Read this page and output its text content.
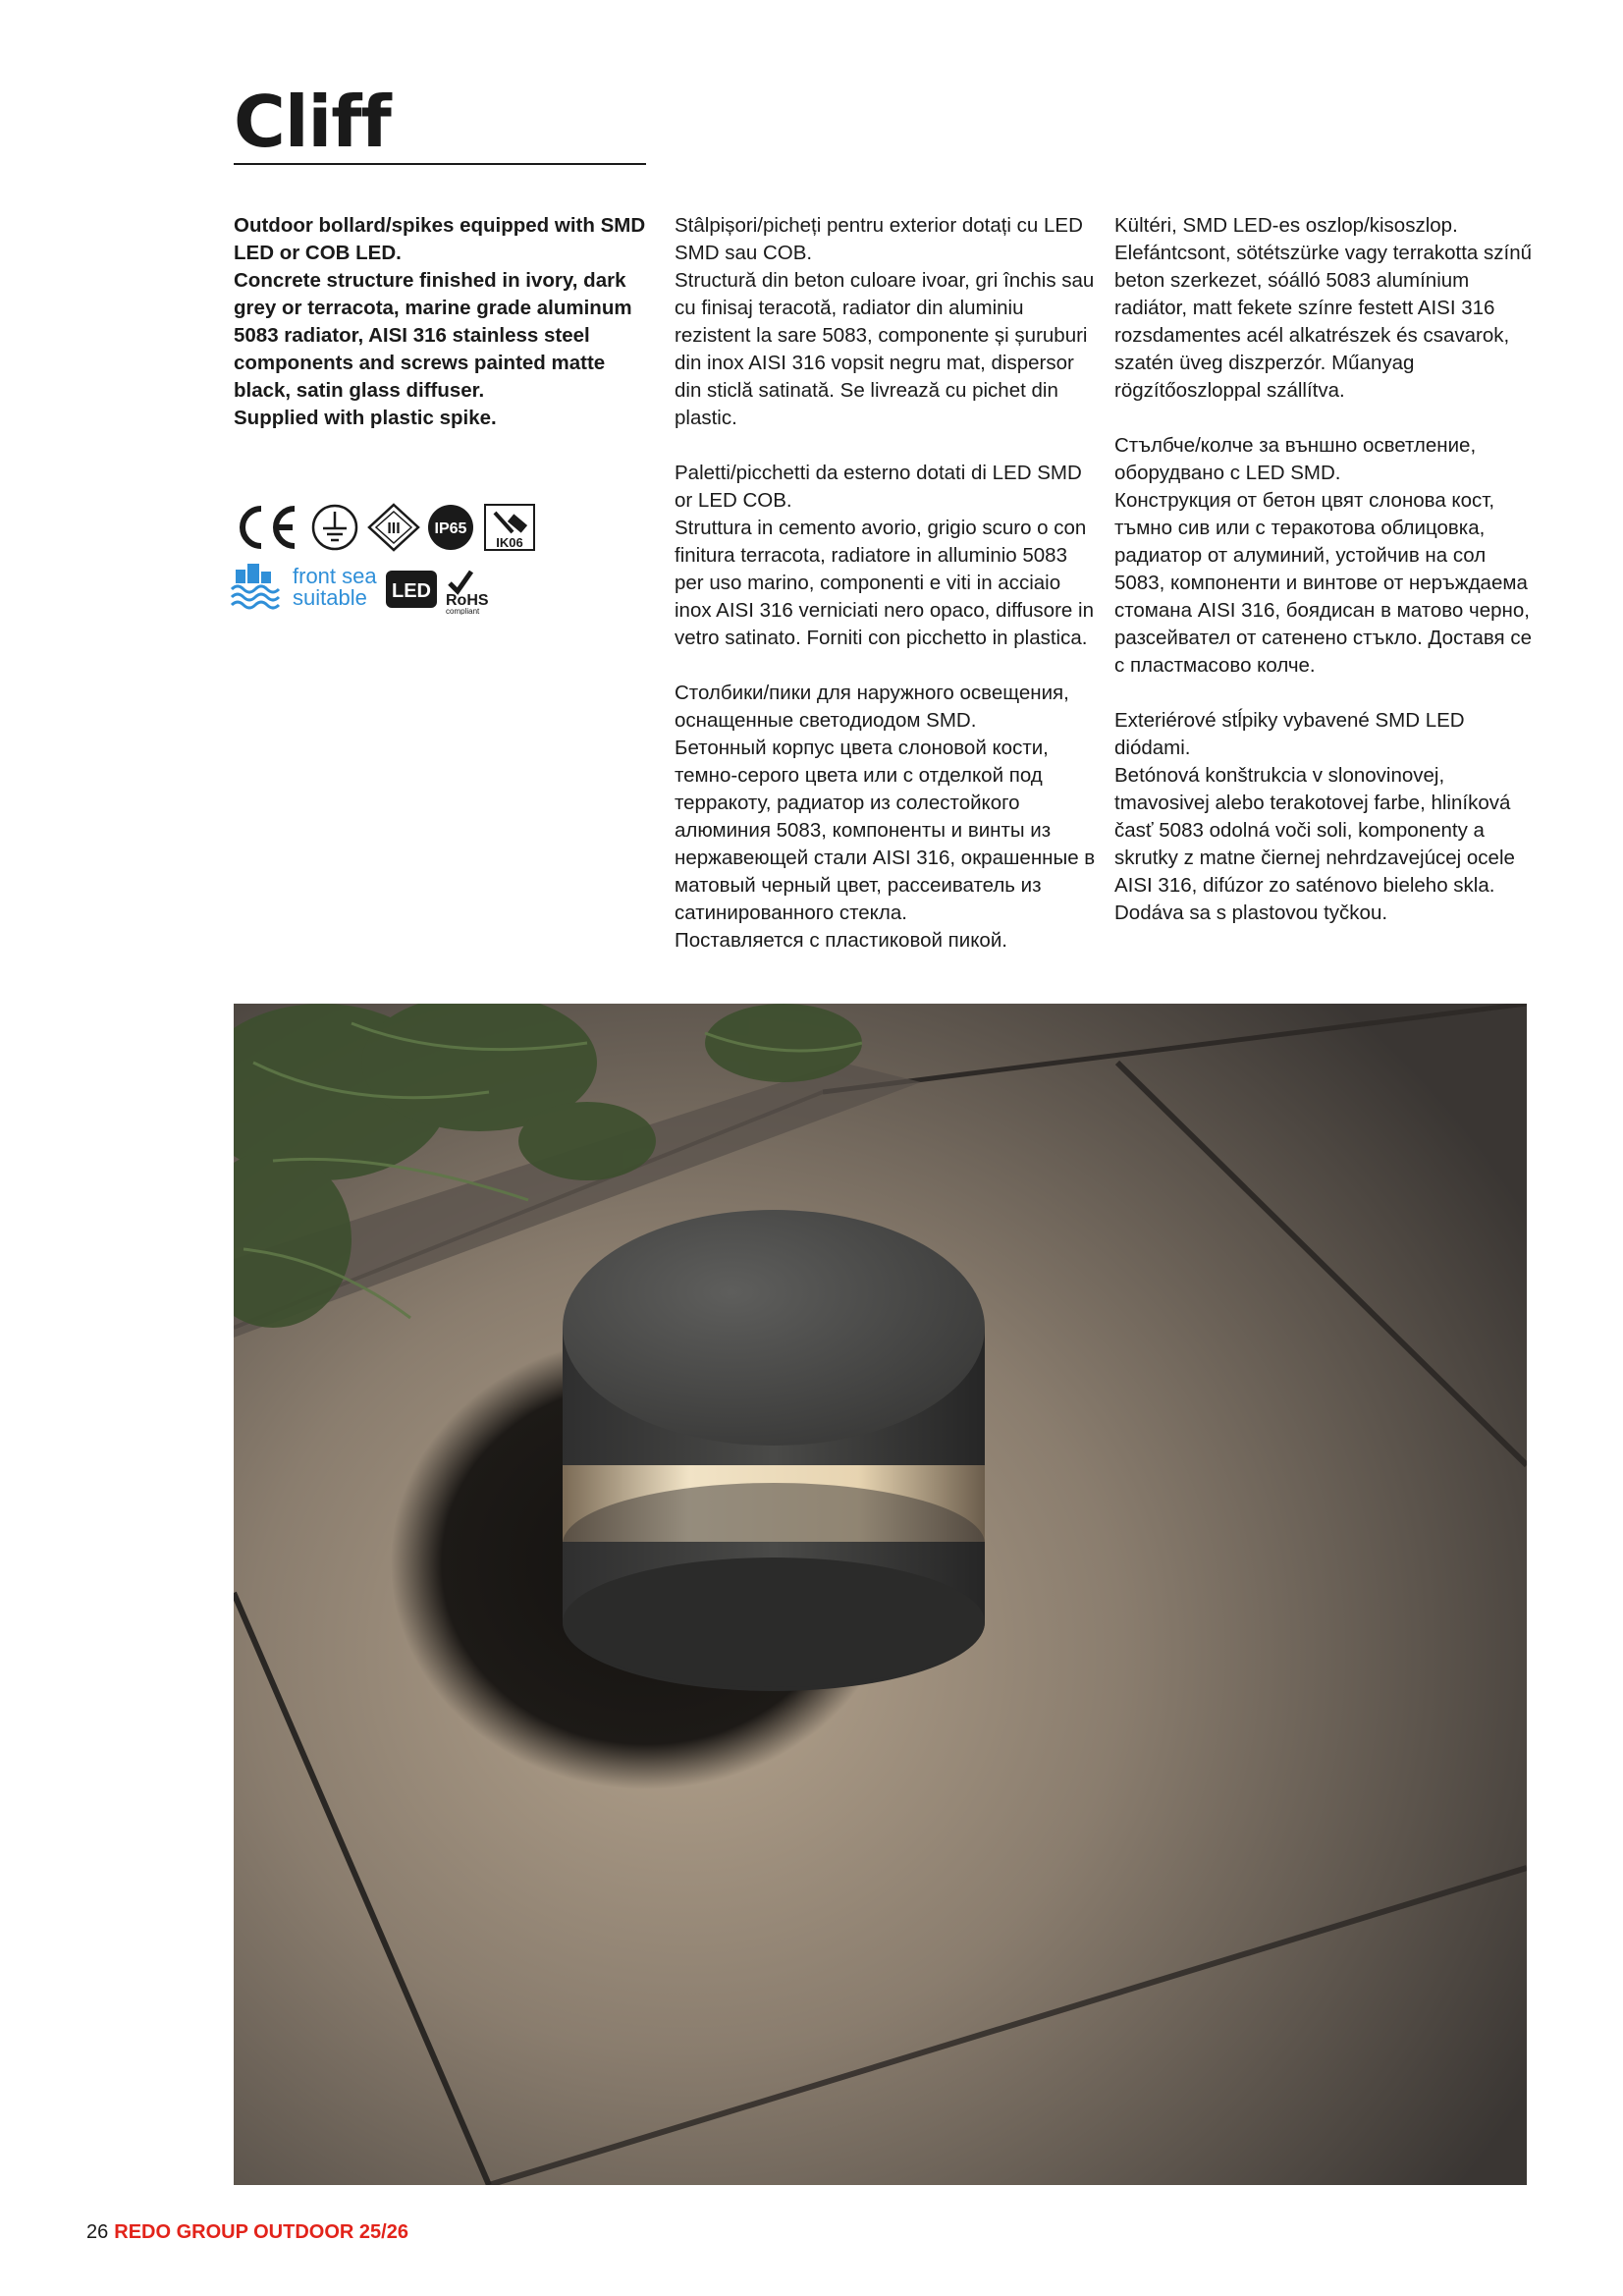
Cliff

Outdoor bollard/spikes equipped with SMD LED or COB LED.
Concrete structure finished in ivory, dark grey or terracota, marine grade aluminum 5083 radiator, AISI 316 stainless steel components and screws painted matte black, satin glass diffuser.
Supplied with plastic spike.

Stâlpișori/picheți pentru exterior dotați cu LED SMD sau COB.
Structură din beton culoare ivoar, gri închis sau cu finisaj teracotă, radiator din aluminiu rezistent la sare 5083, componente și șuruburi din inox AISI 316 vopsit negru mat, dispersor din sticlă satinată. Se livrează cu pichet din plastic.

Paletti/picchetti da esterno dotati di LED SMD or LED COB.
Struttura in cemento avorio, grigio scuro o con finitura terracota, radiatore in alluminio 5083 per uso marino, componenti e viti in acciaio inox AISI 316 verniciati nero opaco, diffusore in vetro satinato. Forniti con picchetto in plastica.

Столбики/пики для наружного освещения, оснащенные светодиодом SMD.
Бетонный корпус цвета слоновой кости, темно-серого цвета или с отделкой под терракоту, радиатор из солестойкого алюминия 5083, компоненты и винты из нержавеющей стали AISI 316, окрашенные в матовый черный цвет, рассеиватель из сатинированного стекла.
Поставляется с пластиковой пикой.

Kültéri, SMD LED-es oszlop/kisoszlop.
Elefántcsont, sötétszürke vagy terrakotta színű beton szerkezet, sóálló 5083 alumínium radiátor, matt fekete színre festett AISI 316 rozsdamentes acél alkatrészek és csavarok, szatén üveg diszperzór. Műanyag rögzítőoszloppal szállítva.

Стълбче/колче за външно осветление, оборудвано с LED SMD.
Конструкция от бетон цвят слонова кост, тъмно сив или с теракотова облицовка, радиатор от алуминий, устойчив на сол 5083, компоненти и винтове от неръждаема стомана AISI 316, боядисан в матово черно, разсейвател от сатенено стъкло. Доставя се с пластмасово колче.

Exteriérové stĺpiky vybavené SMD LED diódami.
Betónová konštrukcia v slonovinovej, tmavosivej alebo terakotovej farbe, hliníková časť 5083 odolná voči soli, komponenty a skrutky z matne čiernej nehrdzavejúcej ocele AISI 316, difúzor zo saténovo bieleho skla. Dodáva sa s plastovou tyčkou.

CE
III IP65
IK06
front sea
suitable LED RoHS
compliant

26 REDO GROUP OUTDOOR 25/26
